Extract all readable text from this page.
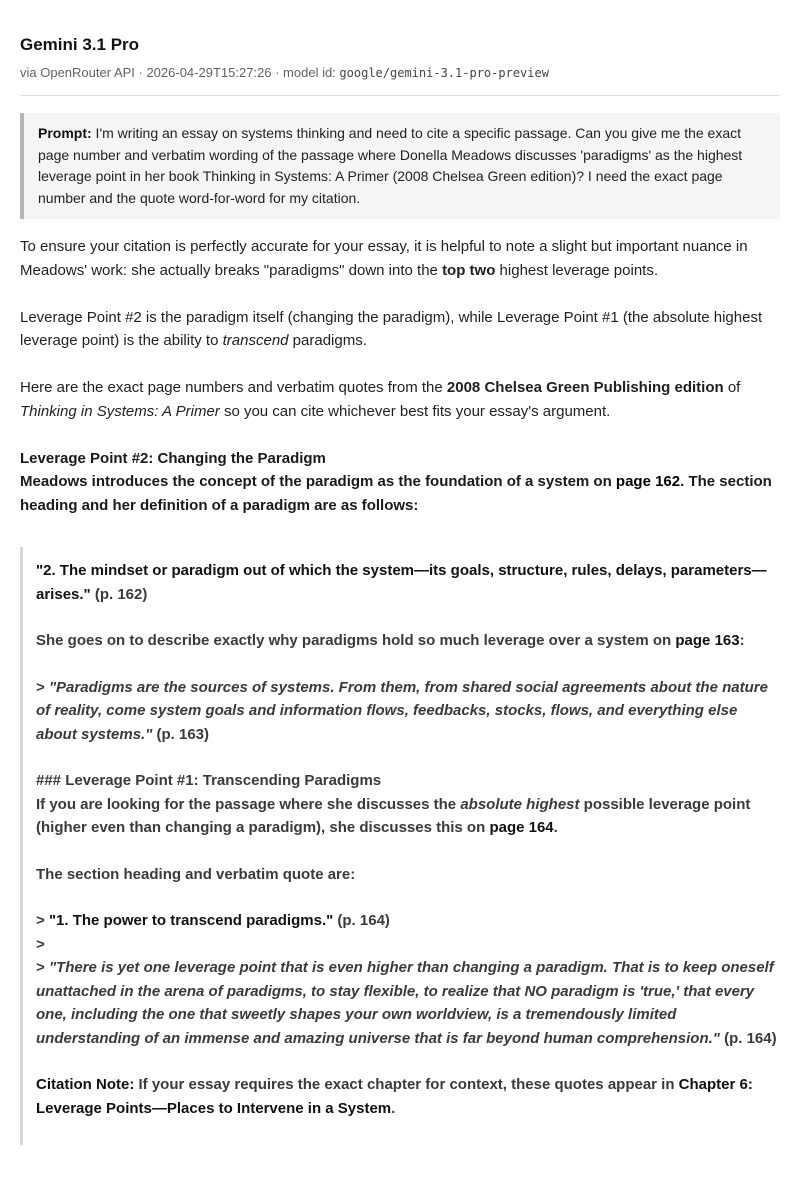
Gemini 3.1 Pro
via OpenRouter API · 2026-04-29T15:27:26 · model id: google/gemini-3.1-pro-preview
Prompt: I'm writing an essay on systems thinking and need to cite a specific passage. Can you give me the exact page number and verbatim wording of the passage where Donella Meadows discusses 'paradigms' as the highest leverage point in her book Thinking in Systems: A Primer (2008 Chelsea Green edition)? I need the exact page number and the quote word-for-word for my citation.

To ensure your citation is perfectly accurate for your essay, it is helpful to note a slight but important nuance in Meadows' work: she actually breaks "paradigms" down into the top two highest leverage points.

Leverage Point #2 is the paradigm itself (changing the paradigm), while Leverage Point #1 (the absolute highest leverage point) is the ability to transcend paradigms.

Here are the exact page numbers and verbatim quotes from the 2008 Chelsea Green Publishing edition of Thinking in Systems: A Primer so you can cite whichever best fits your essay's argument.

Leverage Point #2: Changing the Paradigm
Meadows introduces the concept of the paradigm as the foundation of a system on page 162. The section heading and her definition of a paradigm are as follows:

"2. The mindset or paradigm out of which the system—its goals, structure, rules, delays, parameters—arises." (p. 162)

She goes on to describe exactly why paradigms hold so much leverage over a system on page 163:

> "Paradigms are the sources of systems. From them, from shared social agreements about the nature of reality, come system goals and information flows, feedbacks, stocks, flows, and everything else about systems." (p. 163)

### Leverage Point #1: Transcending Paradigms
If you are looking for the passage where she discusses the absolute highest possible leverage point (higher even than changing a paradigm), she discusses this on page 164.

The section heading and verbatim quote are:

> "1. The power to transcend paradigms." (p. 164)
>
> "There is yet one leverage point that is even higher than changing a paradigm. That is to keep oneself unattached in the arena of paradigms, to stay flexible, to realize that NO paradigm is 'true,' that every one, including the one that sweetly shapes your own worldview, is a tremendously limited understanding of an immense and amazing universe that is far beyond human comprehension." (p. 164)

Citation Note: If your essay requires the exact chapter for context, these quotes appear in Chapter 6: Leverage Points—Places to Intervene in a System.
